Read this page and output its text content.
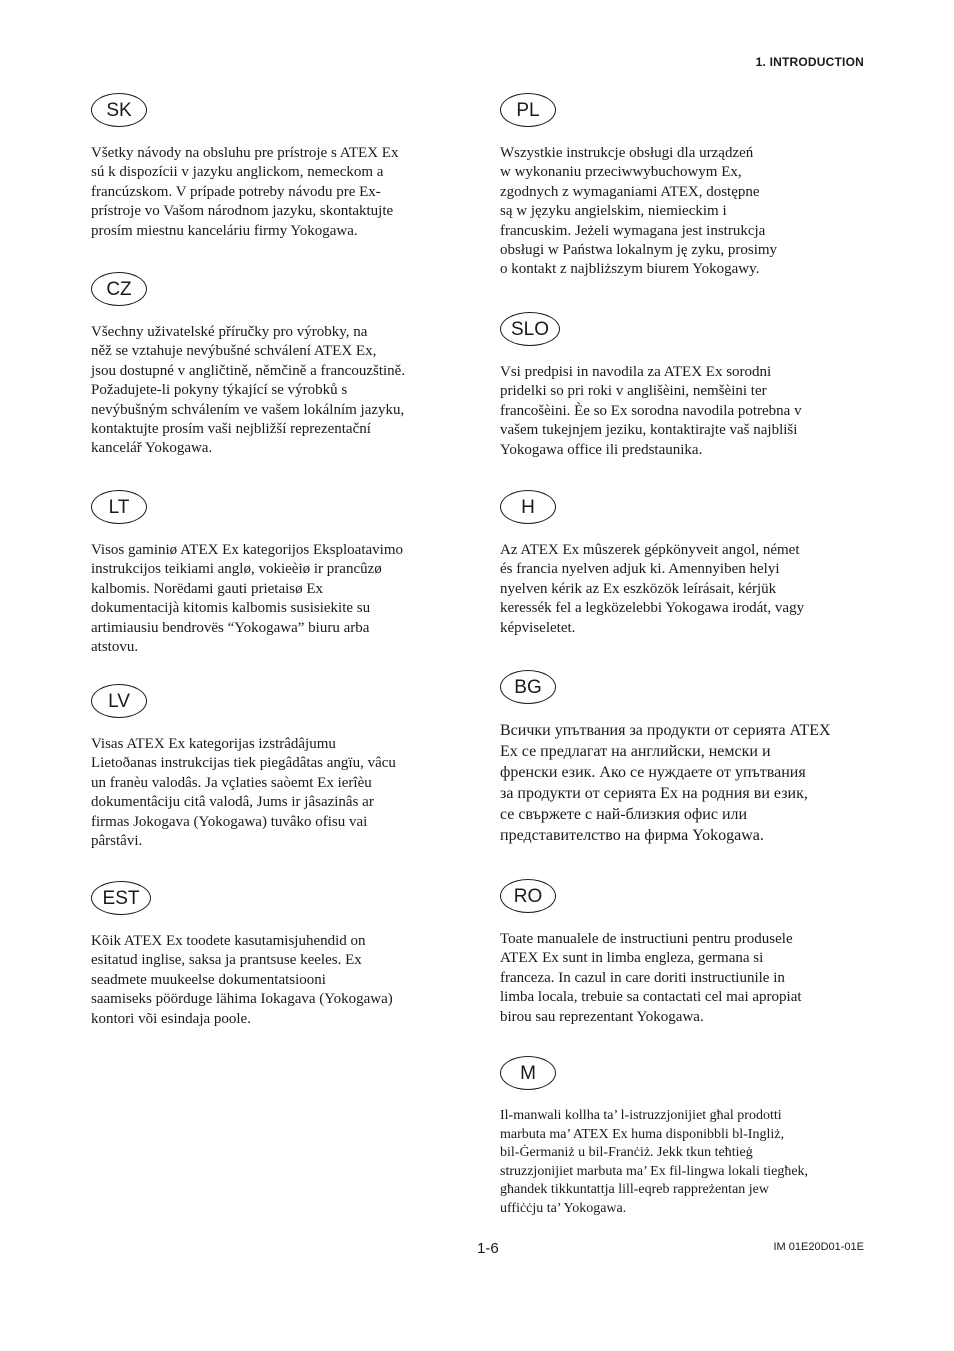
1. INTRODUCTION
SK
Všetky návody na obsluhu pre prístroje s ATEX Ex
sú k dispozícii v jazyku anglickom, nemeckom a
francúzskom. V prípade potreby návodu pre Ex-
prístroje vo Vašom národnom jazyku, skontaktujte
prosím miestnu kanceláriu firmy Yokogawa.
CZ
Všechny uživatelské příručky pro výrobky, na
něž se vztahuje nevýbušné schválení ATEX Ex,
jsou dostupné v angličtině, němčině a francouzštině.
Požadujete-li pokyny týkající se výrobků s
nevýbušným schválením ve vašem lokálním jazyku,
kontaktujte prosím vaši nejbližší reprezentační
kancelář Yokogawa.
LT
Visos gaminiø ATEX Ex kategorijos Eksploatavimo
instrukcijos teikiami anglø, vokieèiø ir prancûzø
kalbomis. Norëdami gauti prietaisø Ex
dokumentacijà kitomis kalbomis susisiekite su
artimiausiu bendrovës “Yokogawa” biuru arba
atstovu.
LV
Visas ATEX Ex kategorijas izstrâdâjumu
Lietoðanas instrukcijas tiek piegâdâtas angïu, vâcu
un franèu valodâs. Ja vçlaties saòemt Ex ierîèu
dokumentâciju citâ valodâ, Jums ir jâsazinâs ar
firmas Jokogava (Yokogawa) tuvâko ofisu vai
pârstâvi.
EST
Kõik ATEX Ex toodete kasutamisjuhendid on
esitatud inglise, saksa ja prantsuse keeles. Ex
seadmete muukeelse dokumentatsiooni
saamiseks pöörduge lähima Iokagava (Yokogawa)
kontori või esindaja poole.
PL
Wszystkie instrukcje obsługi dla urządzeń
w wykonaniu przeciwwybuchowym Ex,
zgodnych z wymaganiami ATEX, dostępne
są w języku angielskim, niemieckim i
francuskim. Jeżeli wymagana jest instrukcja
obsługi w Państwa lokalnym ję zyku, prosimy
o kontakt z najbliższym biurem Yokogawy.
SLO
Vsi predpisi in navodila za ATEX Ex sorodni
pridelki so pri roki v anglišèini, nemšèini ter
francošèini. Èe so Ex sorodna navodila potrebna v
vašem tukejnjem jeziku, kontaktirajte vaš najbliši
Yokogawa office ili predstaunika.
H
Az ATEX Ex mûszerek gépkönyveit angol, német
és francia nyelven adjuk ki. Amennyiben helyi
nyelven kérik az Ex eszközök leírásait, kérjük
keressék fel a legközelebbi Yokogawa irodát, vagy
képviseletet.
BG
Всички упътвания за продукти от серията ATEX
Ex се предлагат на английски, немски и
френски език. Ако се нуждаете от упътвания
за продукти от серията Ex на родния ви език,
се свържете с най-близкия офис или
представителство на фирма Yokogawa.
RO
Toate manualele de instructiuni pentru produsele
ATEX Ex sunt in limba engleza, germana si
franceza. In cazul in care doriti instructiunile in
limba locala, trebuie sa contactati cel mai apropiat
birou sau reprezentant Yokogawa.
M
Il-manwali kollha ta’ l-istruzzjonijiet għal prodotti
marbuta ma’ ATEX Ex huma disponibbli bl-Ingliż,
bil-Ġermaniż u bil-Franċiż. Jekk tkun teħtieġ
struzzjonijiet marbuta ma’ Ex fil-lingwa lokali tiegħek,
għandek tikkuntattja lill-eqreb rappreżentan jew
uffiċċju ta’ Yokogawa.
1-6	IM 01E20D01-01E
